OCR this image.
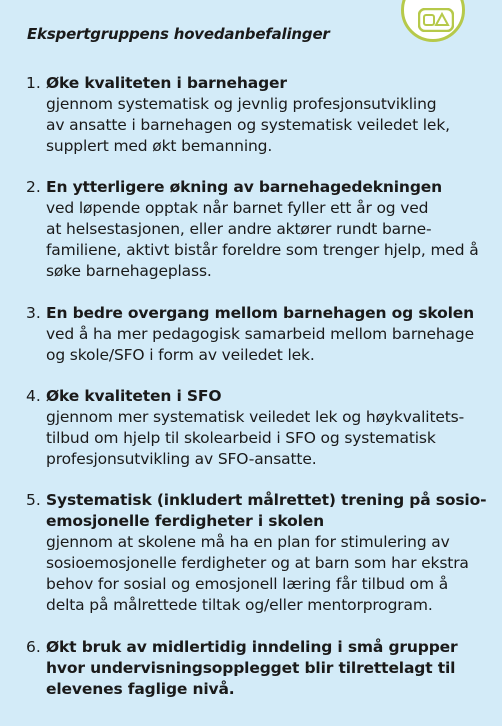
Ekspertgruppens hovedanbefalinger
1. Øke kvaliteten i barnehager
gjennom systematisk og jevnlig profesjonsutvikling
av ansatte i barnehagen og systematisk veiledet lek,
supplert med økt bemanning.
2. En ytterligere økning av barnehagedekningen
ved løpende opptak når barnet fyller ett år og ved
at helsestasjonen, eller andre aktører rundt barne-
familiene, aktivt bistår foreldre som trenger hjelp, med å
søke barnehageplass.
3. En bedre overgang mellom barnehagen og skolen
ved å ha mer pedagogisk samarbeid mellom barnehage
og skole/SFO i form av veiledet lek.
4. Øke kvaliteten i SFO
gjennom mer systematisk veiledet lek og høykvalitets-
tilbud om hjelp til skolearbeid i SFO og systematisk
profesjonsutvikling av SFO-ansatte.
5. Systematisk (inkludert målrettet) trening på sosio-
emosjonelle ferdigheter i skolen
gjennom at skolene må ha en plan for stimulering av
sosioemosjonelle ferdigheter og at barn som har ekstra
behov for sosial og emosjonell læring får tilbud om å
delta på målrettede tiltak og/eller mentorprogram.
6. Økt bruk av midlertidig inndeling i små grupper
hvor undervisningsopplegget blir tilrettelagt til
elevenes faglige nivå.
